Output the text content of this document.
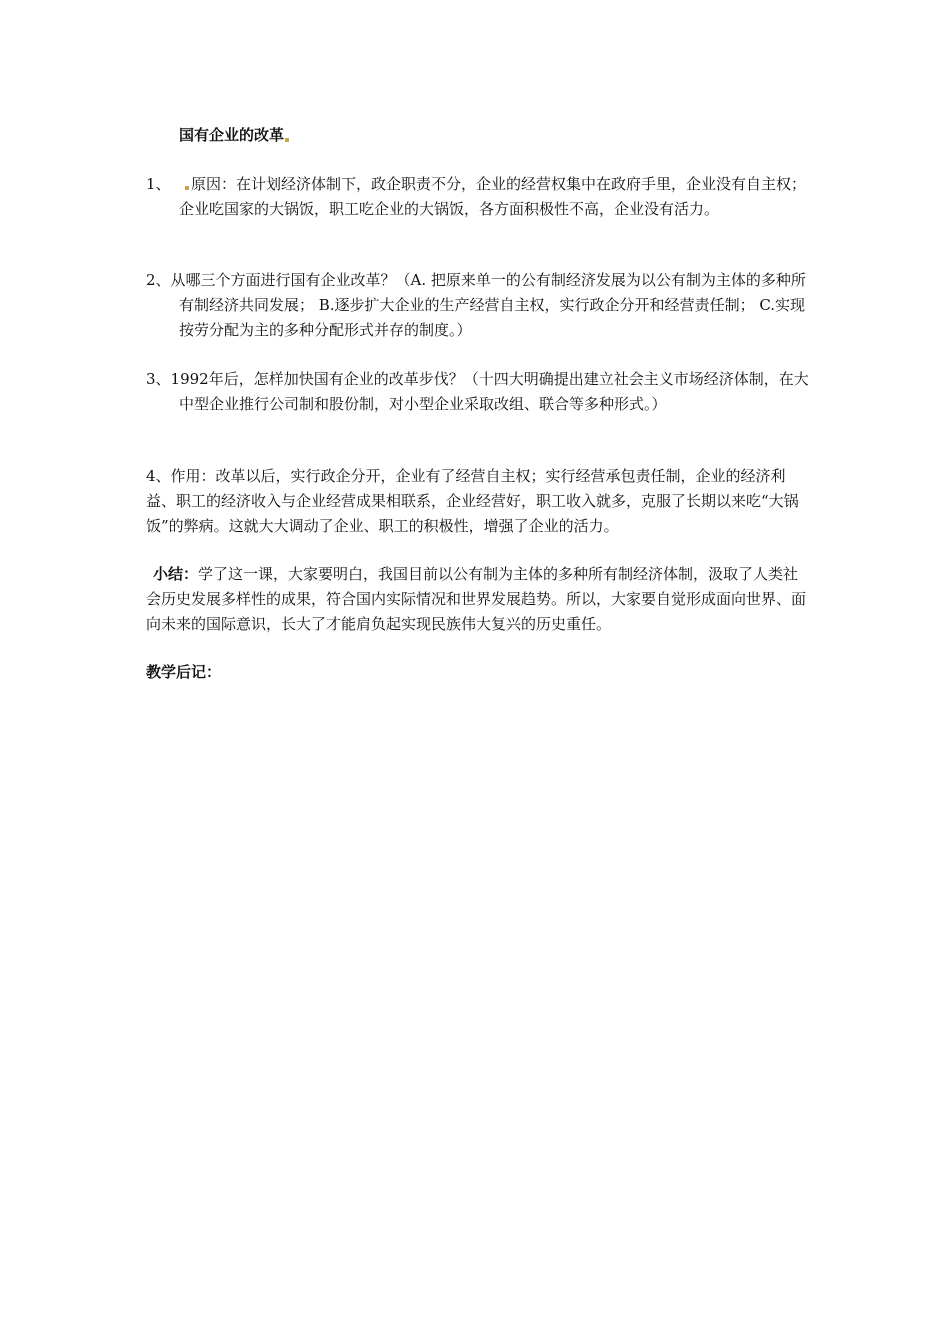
国有企业的改革
1、	原因：在计划经济体制下，政企职责不分，企业的经营权集中在政府手里，企业没有自主权；企业吃国家的大锅饭，职工吃企业的大锅饭，各方面积极性不高，企业没有活力。
2、从哪三个方面进行国有企业改革？（A. 把原来单一的公有制经济发展为以公有制为主体的多种所有制经济共同发展； B.逐步扩大企业的生产经营自主权，实行政企分开和经营责任制； C.实现按劳分配为主的多种分配形式并存的制度。）
3、1992年后，怎样加快国有企业的改革步伐？（十四大明确提出建立社会主义市场经济体制，在大中型企业推行公司制和股份制，对小型企业采取改组、联合等多种形式。）
4、作用：改革以后，实行政企分开，企业有了经营自主权；实行经营承包责任制，企业的经济利益、职工的经济收入与企业经营成果相联系，企业经营好，职工收入就多，克服了长期以来吃“大锅饭”的弊病。这就大大调动了企业、职工的积极性，增强了企业的活力。
小结：学了这一课，大家要明白，我国目前以公有制为主体的多种所有制经济体制，汲取了人类社会历史发展多样性的成果，符合国内实际情况和世界发展趋势。所以，大家要自觉形成面向世界、面向未来的国际意识，长大了才能肩负起实现民族伟大复兴的历史重任。
教学后记：
